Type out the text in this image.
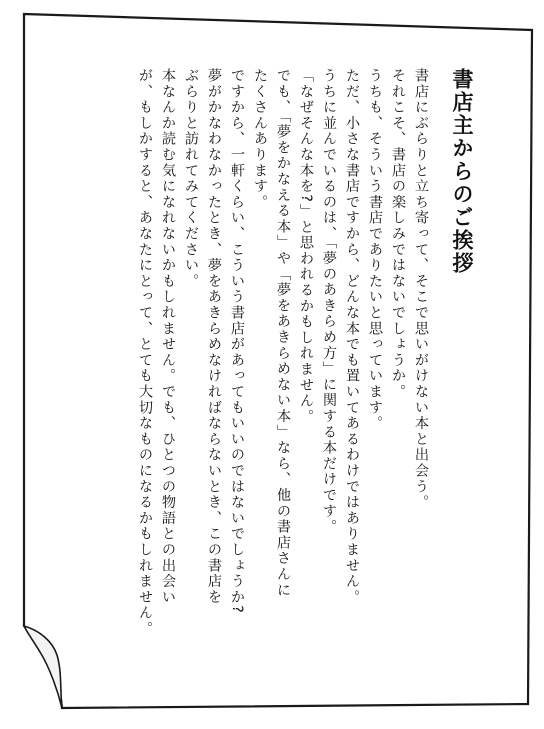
書店主からのご挨拶
書店にぶらりと立ち寄って、そこで思いがけない本と出会う。
それこそ、書店の楽しみではないでしょうか。
うちも、そういう書店でありたいと思っています。
ただ、小さな書店ですから、どんな本でも置いてあるわけではありません。
うちに並んでいるのは、「夢のあきらめ方」に関する本だけです。
「なぜそんな本を?」と思われるかもしれません。
でも、「夢をかなえる本」や「夢をあきらめない本」なら、他の書店さんに
たくさんあります。
ですから、一軒くらい、こういう書店があってもいいのではないでしょうか?
夢がかなわなかったとき、夢をあきらめなければならないとき、この書店を
ぶらりと訪れてみてください。
本なんか読む気になれないかもしれません。でも、ひとつの物語との出会い
が、もしかすると、あなたにとって、とても大切なものになるかもしれません。
